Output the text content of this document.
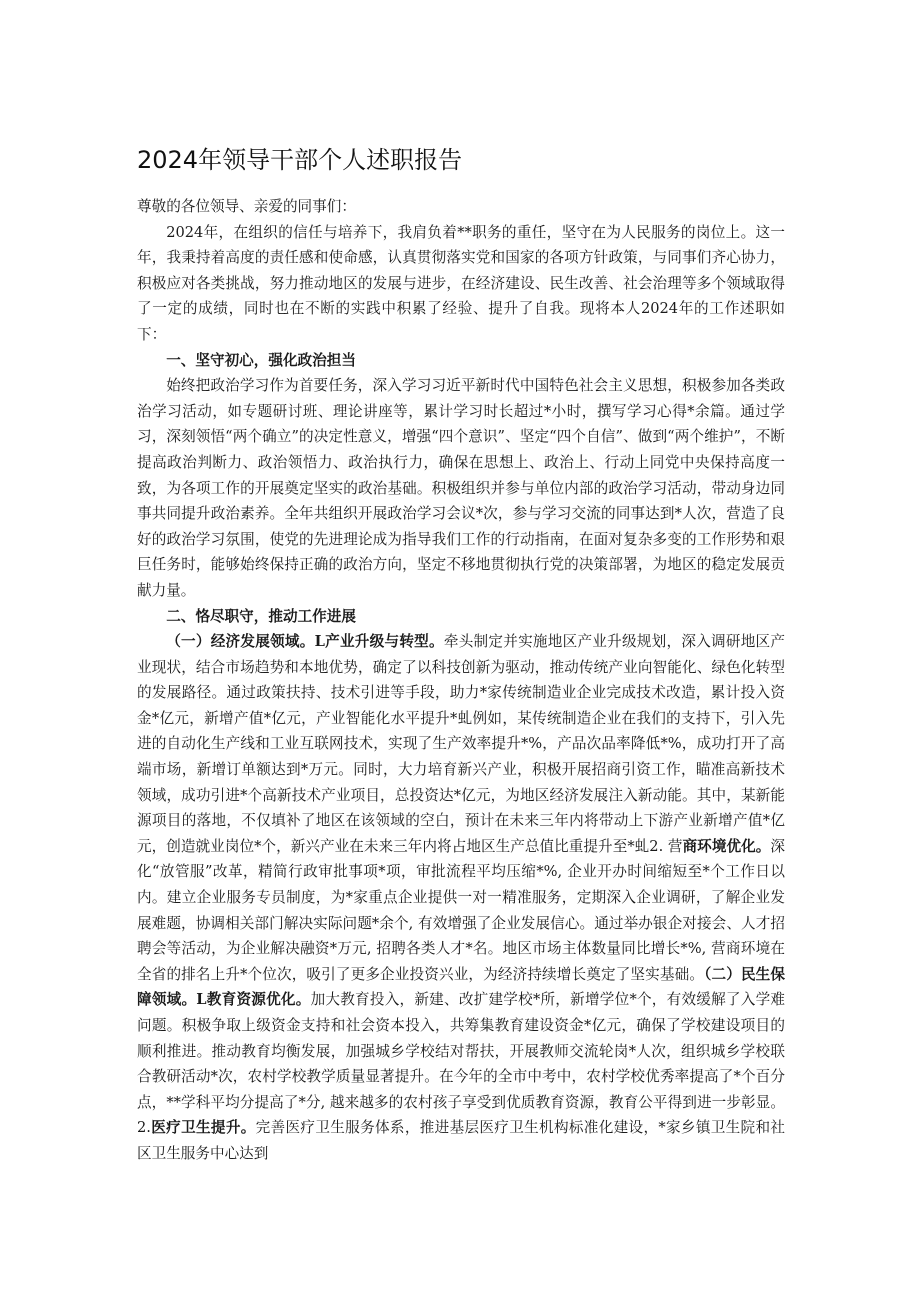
2024年领导干部个人述职报告

尊敬的各位领导、亲爱的同事们：

2024年，在组织的信任与培养下，我肩负着**职务的重任，坚守在为人民服务的岗位上。这一年，我秉持着高度的责任感和使命感，认真贯彻落实党和国家的各项方针政策，与同事们齐心协力，积极应对各类挑战，努力推动地区的发展与进步，在经济建设、民生改善、社会治理等多个领域取得了一定的成绩，同时也在不断的实践中积累了经验、提升了自我。现将本人2024年的工作述职如下：

一、坚守初心，强化政治担当

始终把政治学习作为首要任务，深入学习习近平新时代中国特色社会主义思想，积极参加各类政治学习活动，如专题研讨班、理论讲座等，累计学习时长超过*小时，撰写学习心得*余篇。通过学习，深刻领悟“两个确立”的决定性意义，增强“四个意识”、坚定“四个自信”、做到“两个维护”，不断提高政治判断力、政治领悟力、政治执行力，确保在思想上、政治上、行动上同党中央保持高度一致，为各项工作的开展奠定坚实的政治基础。积极组织并参与单位内部的政治学习活动，带动身边同事共同提升政治素养。全年共组织开展政治学习会议*次，参与学习交流的同事达到*人次，营造了良好的政治学习氛围，使党的先进理论成为指导我们工作的行动指南，在面对复杂多变的工作形势和艰巨任务时，能够始终保持正确的政治方向，坚定不移地贯彻执行党的决策部署，为地区的稳定发展贡献力量。

二、恪尽职守，推动工作进展

（一）经济发展领域。L产业升级与转型。牵头制定并实施地区产业升级规划，深入调研地区产业现状，结合市场趋势和本地优势，确定了以科技创新为驱动，推动传统产业向智能化、绿色化转型的发展路径。通过政策扶持、技术引进等手段，助力*家传统制造业企业完成技术改造，累计投入资金*亿元，新增产值*亿元，产业智能化水平提升*虬例如，某传统制造企业在我们的支持下，引入先进的自动化生产线和工业互联网技术，实现了生产效率提升*%，产品次品率降低*%，成功打开了高端市场，新增订单额达到*万元。同时，大力培育新兴产业，积极开展招商引资工作，瞄准高新技术领域，成功引进*个高新技术产业项目，总投资达*亿元，为地区经济发展注入新动能。其中，某新能源项目的落地，不仅填补了地区在该领域的空白，预计在未来三年内将带动上下游产业新增产值*亿元，创造就业岗位*个，新兴产业在未来三年内将占地区生产总值比重提升至*虬2. 营商环境优化。深化“放管服”改革，精简行政审批事项*项，审批流程平均压缩*%, 企业开办时间缩短至*个工作日以内。建立企业服务专员制度，为*家重点企业提供一对一精准服务，定期深入企业调研，了解企业发展难题，协调相关部门解决实际问题*余个, 有效增强了企业发展信心。通过举办银企对接会、人才招聘会等活动，为企业解决融资*万元, 招聘各类人才*名。地区市场主体数量同比增长*%, 营商环境在全省的排名上升*个位次，吸引了更多企业投资兴业，为经济持续增长奠定了坚实基础。（二）民生保障领域。L教育资源优化。加大教育投入，新建、改扩建学校*所，新增学位*个，有效缓解了入学难问题。积极争取上级资金支持和社会资本投入，共筹集教育建设资金*亿元，确保了学校建设项目的顺利推进。推动教育均衡发展，加强城乡学校结对帮扶，开展教师交流轮岗*人次，组织城乡学校联合教研活动*次，农村学校教学质量显著提升。在今年的全市中考中，农村学校优秀率提高了*个百分点，**学科平均分提高了*分, 越来越多的农村孩子享受到优质教育资源，教育公平得到进一步彰显。2.医疗卫生提升。完善医疗卫生服务体系，推进基层医疗卫生机构标准化建设，*家乡镇卫生院和社区卫生服务中心达到
